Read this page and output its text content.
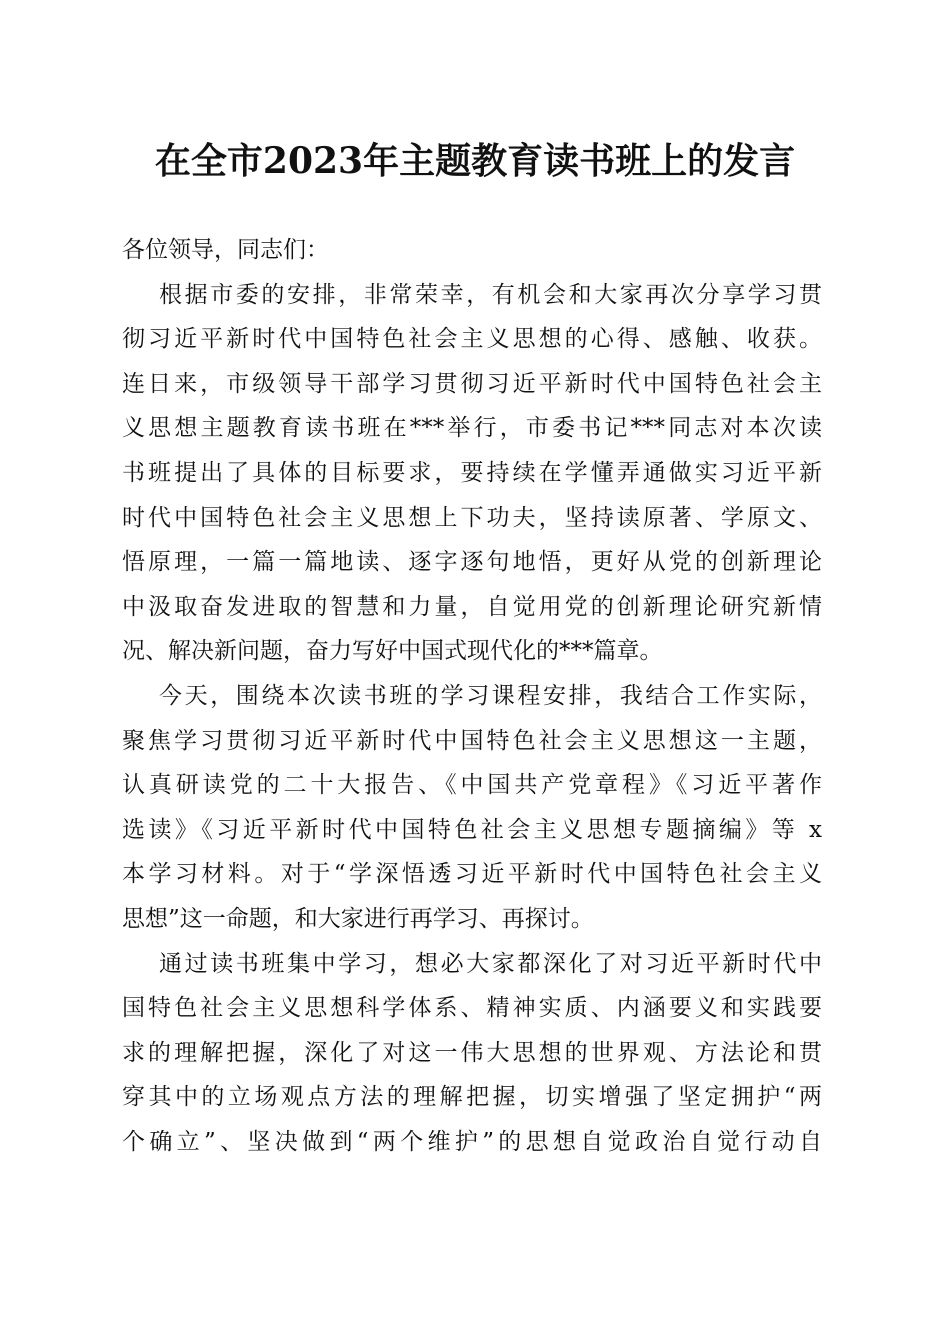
在全市2023年主题教育读书班上的发言
各位领导，同志们：
根据市委的安排，非常荣幸，有机会和大家再次分享学习贯
彻习近平新时代中国特色社会主义思想的心得、感触、收获。
连日来，市级领导干部学习贯彻习近平新时代中国特色社会主
义思想主题教育读书班在***举行，市委书记***同志对本次读
书班提出了具体的目标要求，要持续在学懂弄通做实习近平新
时代中国特色社会主义思想上下功夫，坚持读原著、学原文、
悟原理，一篇一篇地读、逐字逐句地悟，更好从党的创新理论
中汲取奋发进取的智慧和力量，自觉用党的创新理论研究新情
况、解决新问题，奋力写好中国式现代化的***篇章。
今天，围绕本次读书班的学习课程安排，我结合工作实际，
聚焦学习贯彻习近平新时代中国特色社会主义思想这一主题，
认真研读党的二十大报告、《中国共产党章程》《习近平著作
选读》《习近平新时代中国特色社会主义思想专题摘编》等 x
本学习材料。对于“学深悟透习近平新时代中国特色社会主义
思想”这一命题，和大家进行再学习、再探讨。
通过读书班集中学习，想必大家都深化了对习近平新时代中
国特色社会主义思想科学体系、精神实质、内涵要义和实践要
求的理解把握，深化了对这一伟大思想的世界观、方法论和贯
穿其中的立场观点方法的理解把握，切实增强了坚定拥护“两
个确立”、坚决做到“两个维护”的思想自觉政治自觉行动自
